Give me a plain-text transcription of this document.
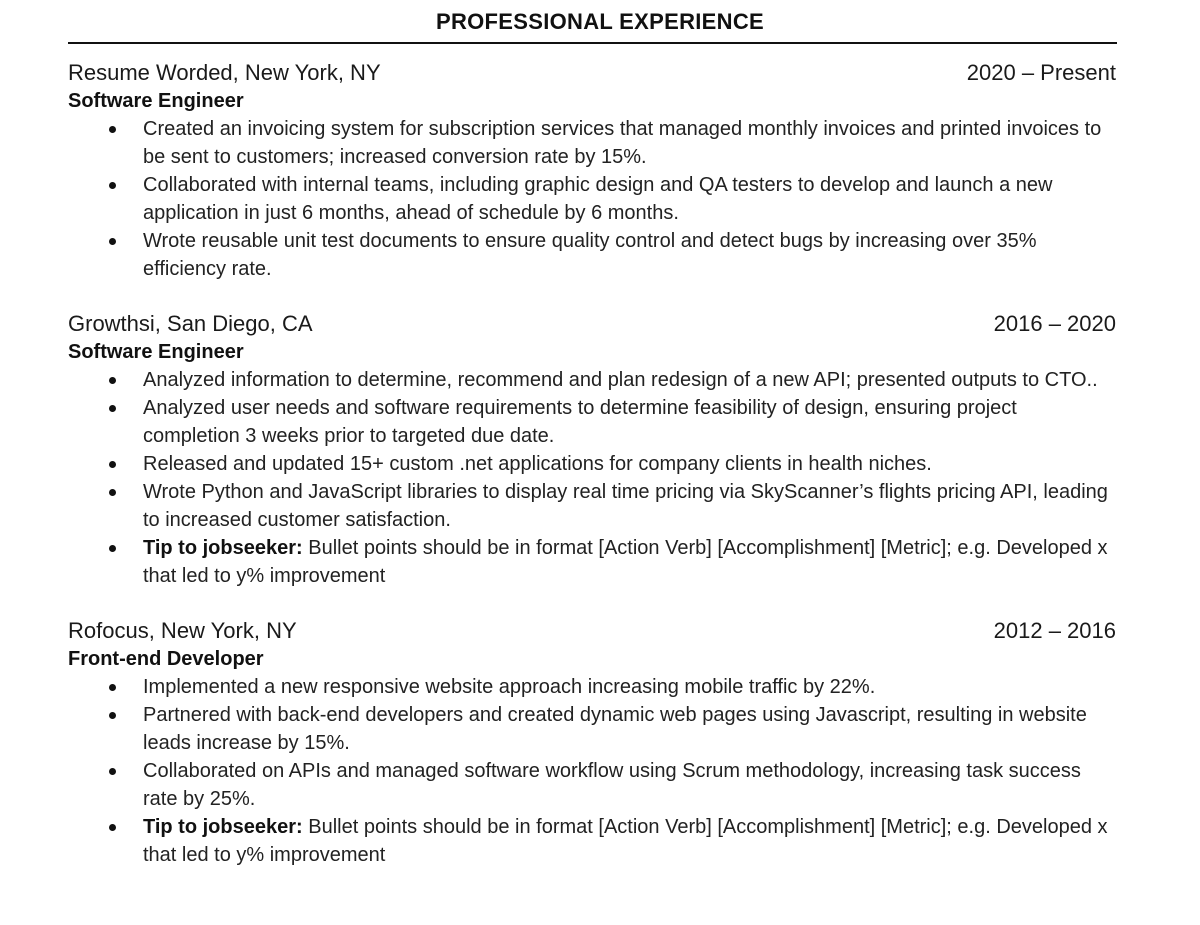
PROFESSIONAL EXPERIENCE
Resume Worded, New York, NY	2020 – Present
Software Engineer
Created an invoicing system for subscription services that managed monthly invoices and printed invoices to be sent to customers; increased conversion rate by 15%.
Collaborated with internal teams, including graphic design and QA testers to develop and launch a new application in just 6 months, ahead of schedule by 6 months.
Wrote reusable unit test documents to ensure quality control and detect bugs by increasing over 35% efficiency rate.
Growthsi, San Diego, CA	2016 – 2020
Software Engineer
Analyzed information to determine, recommend and plan redesign of a new API; presented outputs to CTO..
Analyzed user needs and software requirements to determine feasibility of design, ensuring project completion 3 weeks prior to targeted due date.
Released and updated 15+ custom .net applications for company clients in health niches.
Wrote Python and JavaScript libraries to display real time pricing via SkyScanner’s flights pricing API, leading to increased customer satisfaction.
Tip to jobseeker: Bullet points should be in format [Action Verb] [Accomplishment] [Metric]; e.g. Developed x that led to y% improvement
Rofocus, New York, NY	2012 – 2016
Front-end Developer
Implemented a new responsive website approach increasing mobile traffic by 22%.
Partnered with back-end developers and created dynamic web pages using Javascript, resulting in website leads increase by 15%.
Collaborated on APIs and managed software workflow using Scrum methodology, increasing task success rate by 25%.
Tip to jobseeker: Bullet points should be in format [Action Verb] [Accomplishment] [Metric]; e.g. Developed x that led to y% improvement
